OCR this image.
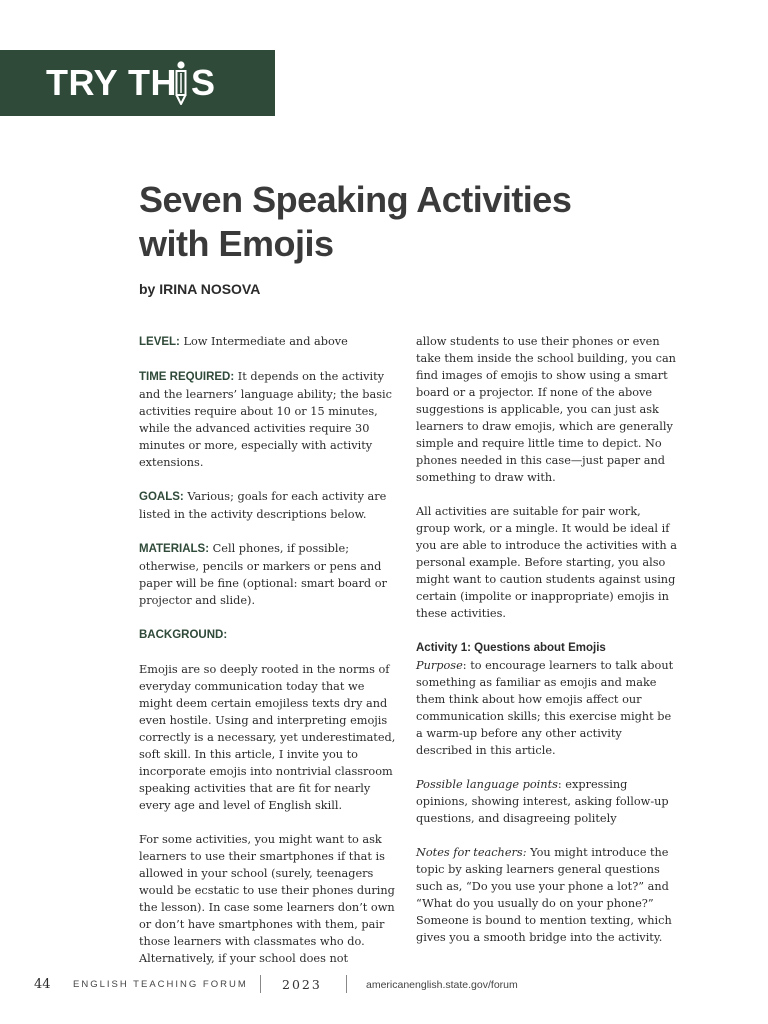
TRY TH S
Seven Speaking Activities
with Emojis

by IRINA NOSOVA

LEVEL: Low Intermediate and above

TIME REQUIRED: It depends on the activity and the learners’ language ability; the basic activities require about 10 or 15 minutes, while the advanced activities require 30 minutes or more, especially with activity extensions.

GOALS: Various; goals for each activity are listed in the activity descriptions below.

MATERIALS: Cell phones, if possible; otherwise, pencils or markers or pens and paper will be fine (optional: smart board or projector and slide).

BACKGROUND:

Emojis are so deeply rooted in the norms of everyday communication today that we might deem certain emojiless texts dry and even hostile. Using and interpreting emojis correctly is a necessary, yet underestimated, soft skill. In this article, I invite you to incorporate emojis into nontrivial classroom speaking activities that are fit for nearly every age and level of English skill.

For some activities, you might want to ask learners to use their smartphones if that is allowed in your school (surely, teenagers would be ecstatic to use their phones during the lesson). In case some learners don’t own or don’t have smartphones with them, pair those learners with classmates who do. Alternatively, if your school does not

allow students to use their phones or even take them inside the school building, you can find images of emojis to show using a smart board or a projector. If none of the above suggestions is applicable, you can just ask learners to draw emojis, which are generally simple and require little time to depict. No phones needed in this case—just paper and something to draw with.

All activities are suitable for pair work, group work, or a mingle. It would be ideal if you are able to introduce the activities with a personal example. Before starting, you also might want to caution students against using certain (impolite or inappropriate) emojis in these activities.

Activity 1: Questions about Emojis
Purpose: to encourage learners to talk about something as familiar as emojis and make them think about how emojis affect our communication skills; this exercise might be a warm-up before any other activity described in this article.

Possible language points: expressing opinions, showing interest, asking follow-up questions, and disagreeing politely

Notes for teachers: You might introduce the topic by asking learners general questions such as, “Do you use your phone a lot?” and “What do you usually do on your phone?” Someone is bound to mention texting, which gives you a smooth bridge into the activity.

44 ENGLISH TEACHING FORUM	2023	americanenglish.state.gov/forum
